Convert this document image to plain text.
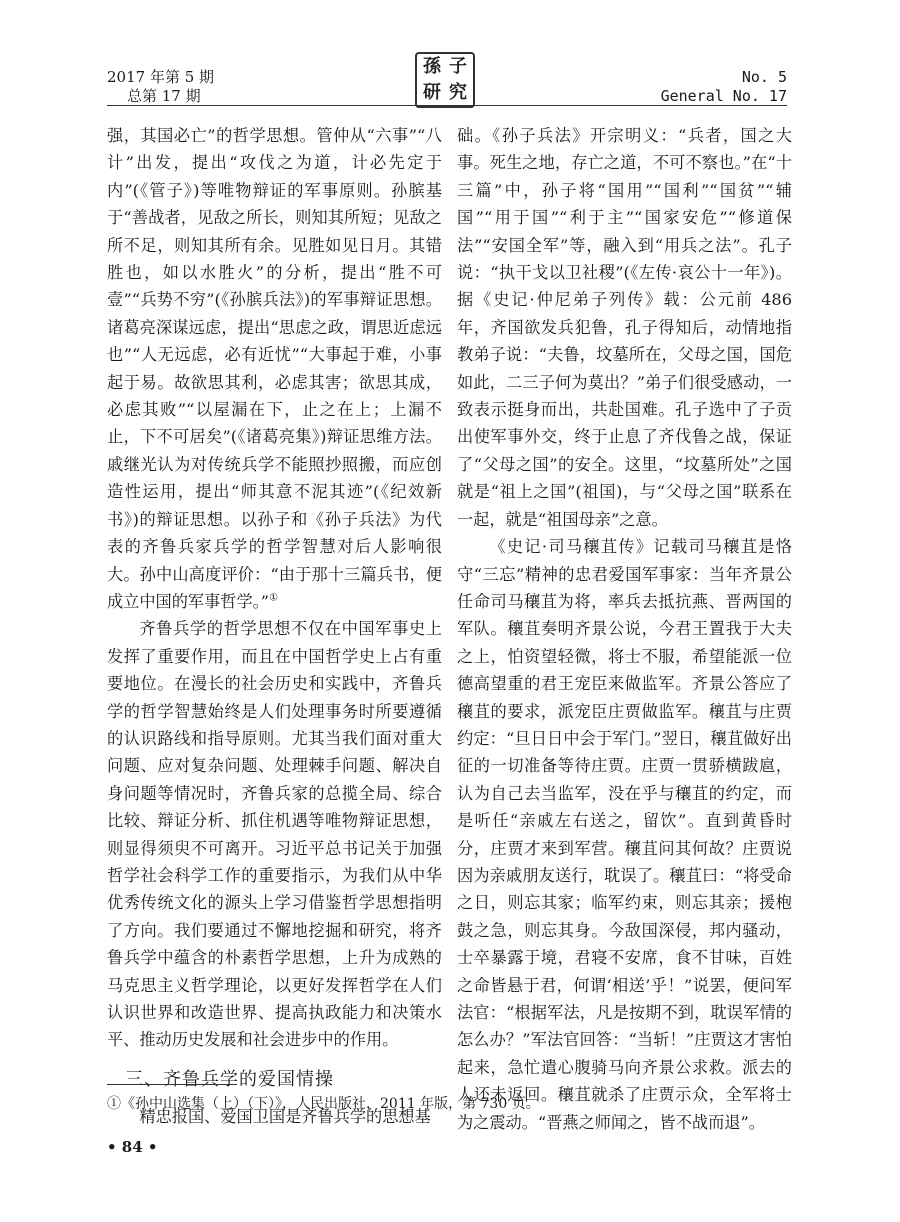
2017 年第 5 期
总第 17 期
孫 子
研 究
No. 5
General No. 17

强，其国必亡”的哲学思想。管仲从“六事”“八计”出发，提出“攻伐之为道，计必先定于内”(《管子》)等唯物辩证的军事原则。孙膑基于“善战者，见敌之所长，则知其所短；见敌之所不足，则知其所有余。见胜如见日月。其错胜也，如以水胜火”的分析，提出“胜不可壹”“兵势不穷”(《孙膑兵法》)的军事辩证思想。诸葛亮深谋远虑，提出“思虑之政，谓思近虑远也”“人无远虑，必有近忧”“大事起于难，小事起于易。故欲思其利，必虑其害；欲思其成，必虑其败”“以屋漏在下，止之在上；上漏不止，下不可居矣”(《诸葛亮集》)辩证思维方法。戚继光认为对传统兵学不能照抄照搬，而应创造性运用，提出“师其意不泥其迹”(《纪效新书》)的辩证思想。以孙子和《孙子兵法》为代表的齐鲁兵家兵学的哲学智慧对后人影响很大。孙中山高度评价：“由于那十三篇兵书，便成立中国的军事哲学。”①

齐鲁兵学的哲学思想不仅在中国军事史上发挥了重要作用，而且在中国哲学史上占有重要地位。在漫长的社会历史和实践中，齐鲁兵学的哲学智慧始终是人们处理事务时所要遵循的认识路线和指导原则。尤其当我们面对重大问题、应对复杂问题、处理棘手问题、解决自身问题等情况时，齐鲁兵家的总揽全局、综合比较、辩证分析、抓住机遇等唯物辩证思想，则显得须臾不可离开。习近平总书记关于加强哲学社会科学工作的重要指示，为我们从中华优秀传统文化的源头上学习借鉴哲学思想指明了方向。我们要通过不懈地挖掘和研究，将齐鲁兵学中蕴含的朴素哲学思想，上升为成熟的马克思主义哲学理论，以更好发挥哲学在人们认识世界和改造世界、提高执政能力和决策水平、推动历史发展和社会进步中的作用。

三、齐鲁兵学的爱国情操

精忠报国、爱国卫国是齐鲁兵学的思想基

础。《孙子兵法》开宗明义：“兵者，国之大事。死生之地，存亡之道，不可不察也。”在“十三篇”中，孙子将“国用”“国利”“国贫”“辅国”“用于国”“利于主”“国家安危”“修道保法”“安国全军”等，融入到“用兵之法”。孔子说：“执干戈以卫社稷”(《左传·哀公十一年》)。据《史记·仲尼弟子列传》载：公元前 486 年，齐国欲发兵犯鲁，孔子得知后，动情地指教弟子说：“夫鲁，坟墓所在，父母之国，国危如此，二三子何为莫出？”弟子们很受感动，一致表示挺身而出，共赴国难。孔子选中了子贡出使军事外交，终于止息了齐伐鲁之战，保证了“父母之国”的安全。这里，“坟墓所处”之国就是“祖上之国”(祖国)，与“父母之国”联系在一起，就是“祖国母亲”之意。

《史记·司马穰苴传》记载司马穰苴是恪守“三忘”精神的忠君爱国军事家：当年齐景公任命司马穰苴为将，率兵去抵抗燕、晋两国的军队。穰苴奏明齐景公说，今君王置我于大夫之上，怕资望轻微，将士不服，希望能派一位德高望重的君王宠臣来做监军。齐景公答应了穰苴的要求，派宠臣庄贾做监军。穰苴与庄贾约定：“旦日日中会于军门。”翌日，穰苴做好出征的一切准备等待庄贾。庄贾一贯骄横跋扈，认为自己去当监军，没在乎与穰苴的约定，而是听任“亲戚左右送之，留饮”。直到黄昏时分，庄贾才来到军营。穰苴问其何故？庄贾说因为亲戚朋友送行，耽误了。穰苴曰：“将受命之日，则忘其家；临军约束，则忘其亲；援枹鼓之急，则忘其身。今敌国深侵，邦内骚动，士卒暴露于境，君寝不安席，食不甘味，百姓之命皆悬于君，何谓‘相送’乎！”说罢，便问军法官：“根据军法，凡是按期不到，耽误军情的怎么办？”军法官回答：“当斩！”庄贾这才害怕起来，急忙遣心腹骑马向齐景公求救。派去的人还未返回。穰苴就杀了庄贾示众，全军将士为之震动。“晋燕之师闻之，皆不战而退”。

①《孙中山选集（上）（下）》，人民出版社，2011 年版，第 730 页。
• 84 •
